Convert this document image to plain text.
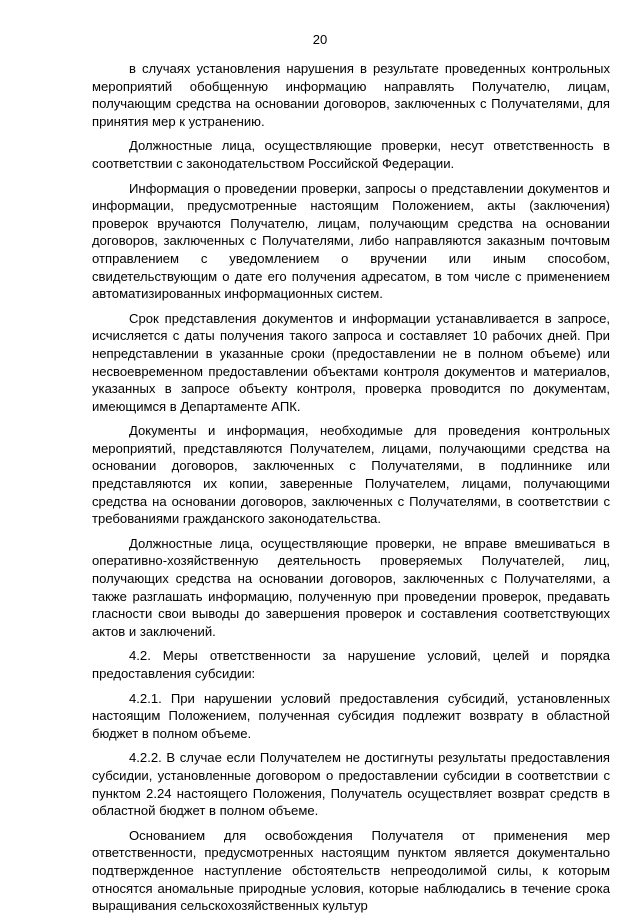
20

в случаях установления нарушения в результате проведенных контрольных мероприятий обобщенную информацию направлять Получателю, лицам, получающим средства на основании договоров, заключенных с Получателями, для принятия мер к устранению.

Должностные лица, осуществляющие проверки, несут ответственность в соответствии с законодательством Российской Федерации.

Информация о проведении проверки, запросы о представлении документов и информации, предусмотренные настоящим Положением, акты (заключения) проверок вручаются Получателю, лицам, получающим средства на основании договоров, заключенных с Получателями, либо направляются заказным почтовым отправлением с уведомлением о вручении или иным способом, свидетельствующим о дате его получения адресатом, в том числе с применением автоматизированных информационных систем.

Срок представления документов и информации устанавливается в запросе, исчисляется с даты получения такого запроса и составляет 10 рабочих дней. При непредставлении в указанные сроки (предоставлении не в полном объеме) или несвоевременном предоставлении объектами контроля документов и материалов, указанных в запросе объекту контроля, проверка проводится по документам, имеющимся в Департаменте АПК.

Документы и информация, необходимые для проведения контрольных мероприятий, представляются Получателем, лицами, получающими средства на основании договоров, заключенных с Получателями, в подлиннике или представляются их копии, заверенные Получателем, лицами, получающими средства на основании договоров, заключенных с Получателями, в соответствии с требованиями гражданского законодательства.

Должностные лица, осуществляющие проверки, не вправе вмешиваться в оперативно-хозяйственную деятельность проверяемых Получателей, лиц, получающих средства на основании договоров, заключенных с Получателями, а также разглашать информацию, полученную при проведении проверок, предавать гласности свои выводы до завершения проверок и составления соответствующих актов и заключений.

4.2. Меры ответственности за нарушение условий, целей и порядка предоставления субсидии:

4.2.1. При нарушении условий предоставления субсидий, установленных настоящим Положением, полученная субсидия подлежит возврату в областной бюджет в полном объеме.

4.2.2. В случае если Получателем не достигнуты результаты предоставления субсидии, установленные договором о предоставлении субсидии в соответствии с пунктом 2.24 настоящего Положения, Получатель осуществляет возврат средств в областной бюджет в полном объеме.

Основанием для освобождения Получателя от применения мер ответственности, предусмотренных настоящим пунктом является документально подтвержденное наступление обстоятельств непреодолимой силы, к которым относятся аномальные природные условия, которые наблюдались в течение срока выращивания сельскохозяйственных культур
